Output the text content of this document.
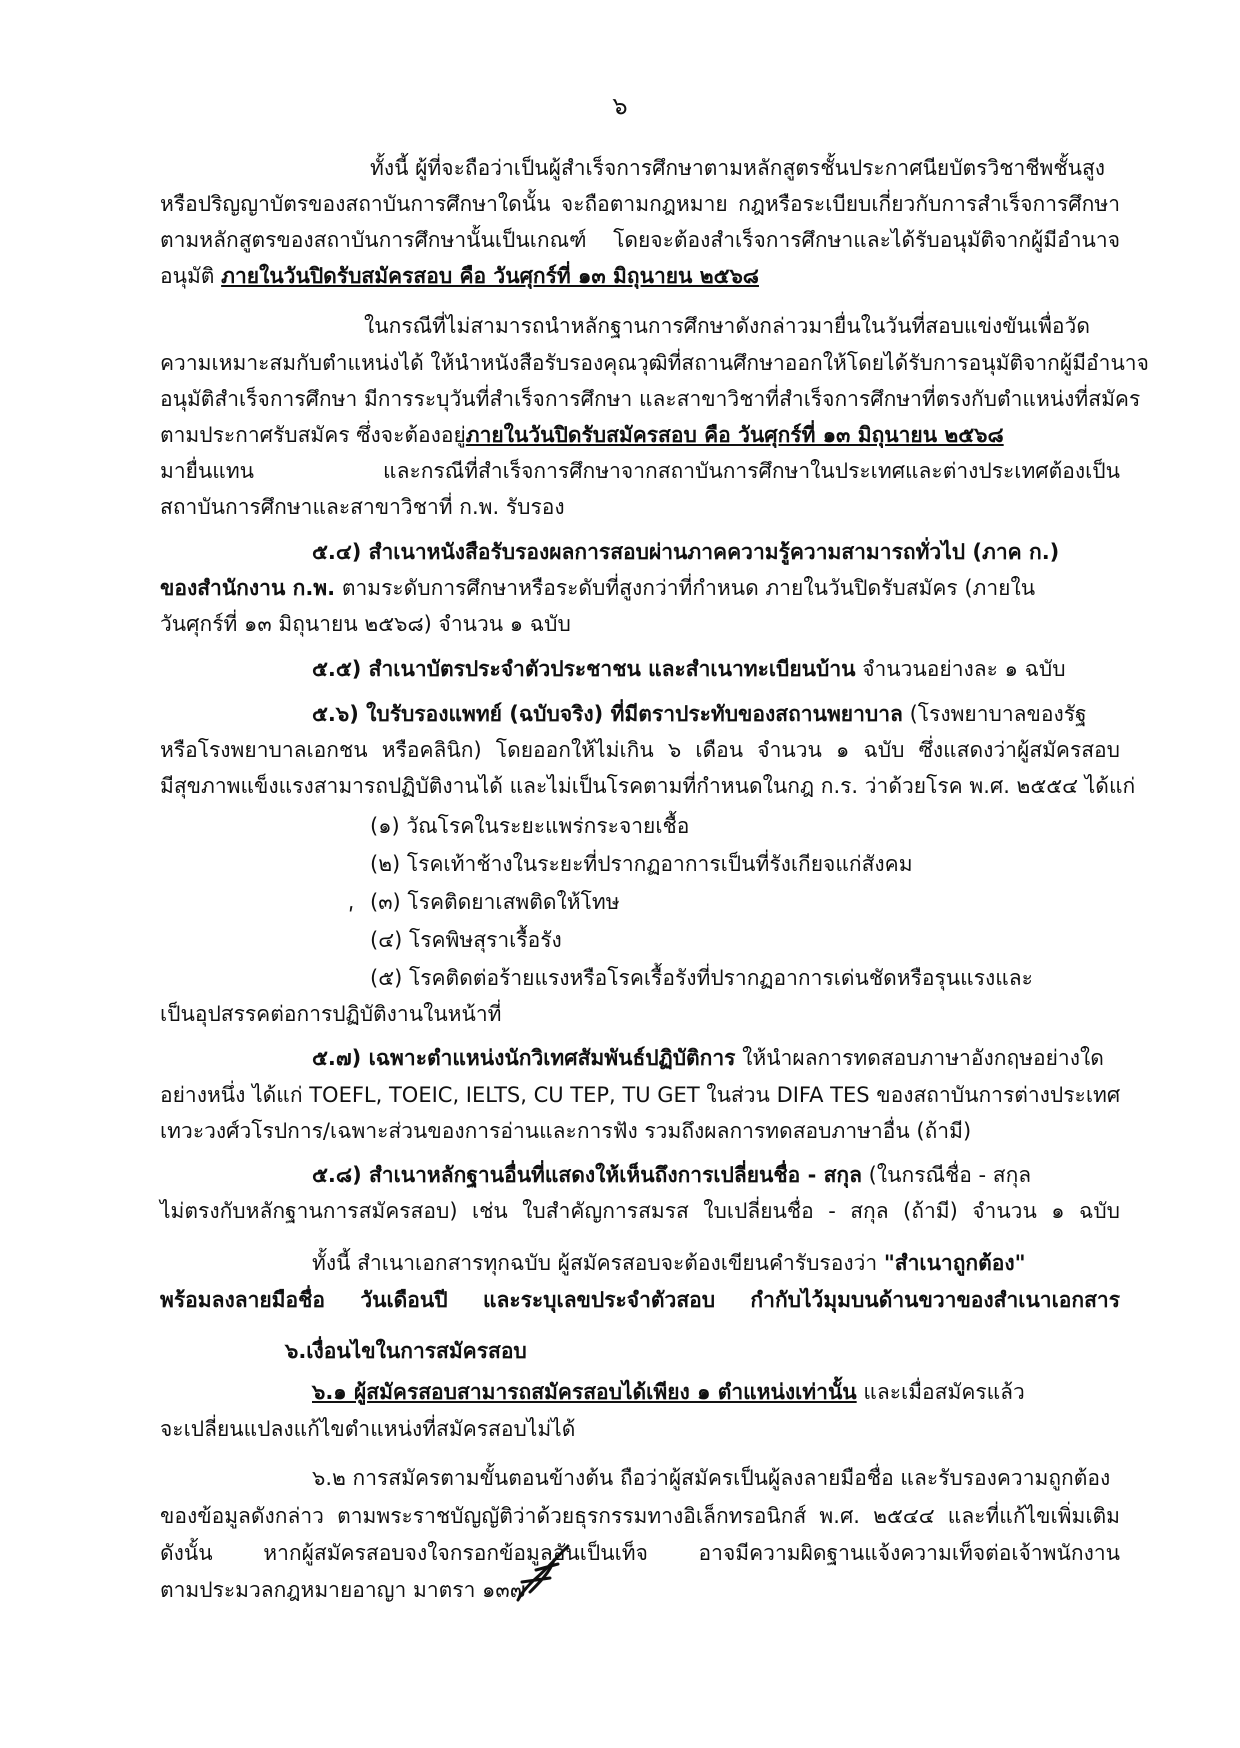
๖
ทั้งนี้ ผู้ที่จะถือว่าเป็นผู้สำเร็จการศึกษาตามหลักสูตรชั้นประกาศนียบัตรวิชาชีพชั้นสูง
หรือปริญญาบัตรของสถาบันการศึกษาใดนั้น จะถือตามกฎหมาย กฎหรือระเบียบเกี่ยวกับการสำเร็จการศึกษา
ตามหลักสูตรของสถาบันการศึกษานั้นเป็นเกณฑ์ โดยจะต้องสำเร็จการศึกษาและได้รับอนุมัติจากผู้มีอำนาจ
อนุมัติ ภายในวันปิดรับสมัครสอบ คือ วันศุกร์ที่ ๑๓ มิถุนายน ๒๕๖๘
ในกรณีที่ไม่สามารถนำหลักฐานการศึกษาดังกล่าวมายื่นในวันที่สอบแข่งขันเพื่อวัด
ความเหมาะสมกับตำแหน่งได้ ให้นำหนังสือรับรองคุณวุฒิที่สถานศึกษาออกให้โดยได้รับการอนุมัติจากผู้มีอำนาจ
อนุมัติสำเร็จการศึกษา มีการระบุวันที่สำเร็จการศึกษา และสาขาวิชาที่สำเร็จการศึกษาที่ตรงกับตำแหน่งที่สมัคร
ตามประกาศรับสมัคร ซึ่งจะต้องอยู่ภายในวันปิดรับสมัครสอบ คือ วันศุกร์ที่ ๑๓ มิถุนายน ๒๕๖๘
มายื่นแทน และกรณีที่สำเร็จการศึกษาจากสถาบันการศึกษาในประเทศและต่างประเทศต้องเป็น
สถาบันการศึกษาและสาขาวิชาที่ ก.พ. รับรอง
๕.๔) สำเนาหนังสือรับรองผลการสอบผ่านภาคความรู้ความสามารถทั่วไป (ภาค ก.)
ของสำนักงาน ก.พ. ตามระดับการศึกษาหรือระดับที่สูงกว่าที่กำหนด ภายในวันปิดรับสมัคร (ภายใน
วันศุกร์ที่ ๑๓ มิถุนายน ๒๕๖๘) จำนวน ๑ ฉบับ
๕.๕) สำเนาบัตรประจำตัวประชาชน และสำเนาทะเบียนบ้าน จำนวนอย่างละ ๑ ฉบับ
๕.๖) ใบรับรองแพทย์ (ฉบับจริง) ที่มีตราประทับของสถานพยาบาล (โรงพยาบาลของรัฐ
หรือโรงพยาบาลเอกชน หรือคลินิก) โดยออกให้ไม่เกิน ๖ เดือน จำนวน ๑ ฉบับ ซึ่งแสดงว่าผู้สมัครสอบ
มีสุขภาพแข็งแรงสามารถปฏิบัติงานได้ และไม่เป็นโรคตามที่กำหนดในกฎ ก.ร. ว่าด้วยโรค พ.ศ. ๒๕๕๔ ได้แก่
(๑) วัณโรคในระยะแพร่กระจายเชื้อ
(๒) โรคเท้าช้างในระยะที่ปรากฏอาการเป็นที่รังเกียจแก่สังคม
(๓) โรคติดยาเสพติดให้โทษ
ʹ
(๔) โรคพิษสุราเรื้อรัง
(๕) โรคติดต่อร้ายแรงหรือโรคเรื้อรังที่ปรากฏอาการเด่นชัดหรือรุนแรงและ
เป็นอุปสรรคต่อการปฏิบัติงานในหน้าที่
๕.๗) เฉพาะตำแหน่งนักวิเทศสัมพันธ์ปฏิบัติการ ให้นำผลการทดสอบภาษาอังกฤษอย่างใด
อย่างหนึ่ง ได้แก่ TOEFL, TOEIC, IELTS, CU TEP, TU GET ในส่วน DIFA TES ของสถาบันการต่างประเทศ
เทวะวงศ์วโรปการ/เฉพาะส่วนของการอ่านและการฟัง รวมถึงผลการทดสอบภาษาอื่น (ถ้ามี)
๕.๘) สำเนาหลักฐานอื่นที่แสดงให้เห็นถึงการเปลี่ยนชื่อ - สกุล (ในกรณีชื่อ - สกุล
ไม่ตรงกับหลักฐานการสมัครสอบ) เช่น ใบสำคัญการสมรส ใบเปลี่ยนชื่อ - สกุล (ถ้ามี) จำนวน ๑ ฉบับ
ทั้งนี้ สำเนาเอกสารทุกฉบับ ผู้สมัครสอบจะต้องเขียนคำรับรองว่า "สำเนาถูกต้อง"
พร้อมลงลายมือชื่อ วันเดือนปี และระบุเลขประจำตัวสอบ กำกับไว้มุมบนด้านขวาของสำเนาเอกสาร
๖.เงื่อนไขในการสมัครสอบ
๖.๑ ผู้สมัครสอบสามารถสมัครสอบได้เพียง ๑ ตำแหน่งเท่านั้น และเมื่อสมัครแล้ว
จะเปลี่ยนแปลงแก้ไขตำแหน่งที่สมัครสอบไม่ได้
๖.๒ การสมัครตามขั้นตอนข้างต้น ถือว่าผู้สมัครเป็นผู้ลงลายมือชื่อ และรับรองความถูกต้อง
ของข้อมูลดังกล่าว ตามพระราชบัญญัติว่าด้วยธุรกรรมทางอิเล็กทรอนิกส์ พ.ศ. ๒๕๔๔ และที่แก้ไขเพิ่มเติม
ดังนั้น หากผู้สมัครสอบจงใจกรอกข้อมูลอันเป็นเท็จ อาจมีความผิดฐานแจ้งความเท็จต่อเจ้าพนักงาน
ตามประมวลกฎหมายอาญา มาตรา ๑๓๗
